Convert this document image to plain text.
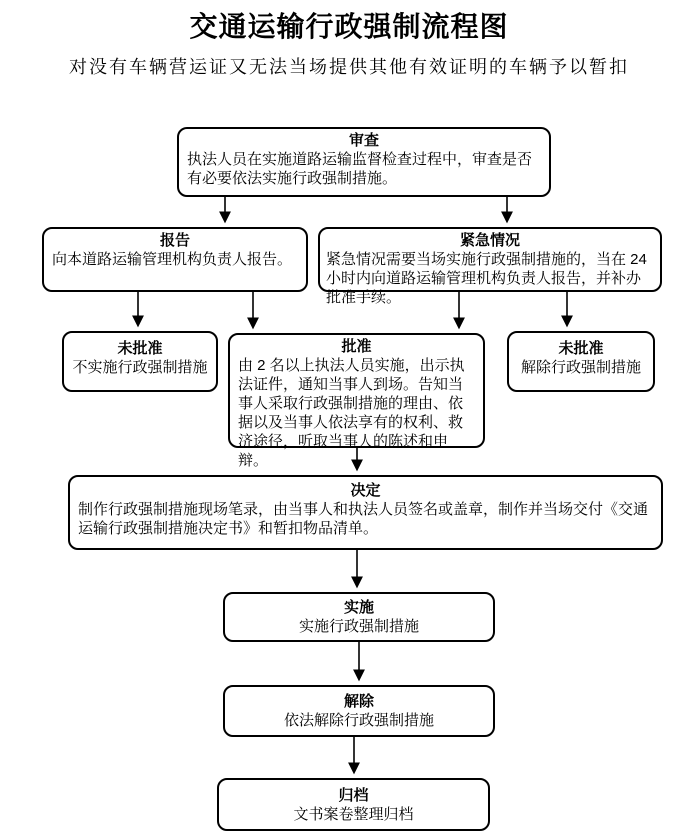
交通运输行政强制流程图
对没有车辆营运证又无法当场提供其他有效证明的车辆予以暂扣
审查
执法人员在实施道路运输监督检查过程中，审查是否有必要依法实施行政强制措施。
报告
向本道路运输管理机构负责人报告。
紧急情况
紧急情况需要当场实施行政强制措施的，当在 24 小时内向道路运输管理机构负责人报告，并补办批准手续。
未批准
不实施行政强制措施
批准
由 2 名以上执法人员实施，出示执法证件，通知当事人到场。告知当事人采取行政强制措施的理由、依据以及当事人依法享有的权利、救济途径，听取当事人的陈述和申辩。
未批准
解除行政强制措施
决定
制作行政强制措施现场笔录，由当事人和执法人员签名或盖章，制作并当场交付《交通运输行政强制措施决定书》和暂扣物品清单。
实施
实施行政强制措施
解除
依法解除行政强制措施
归档
文书案卷整理归档
